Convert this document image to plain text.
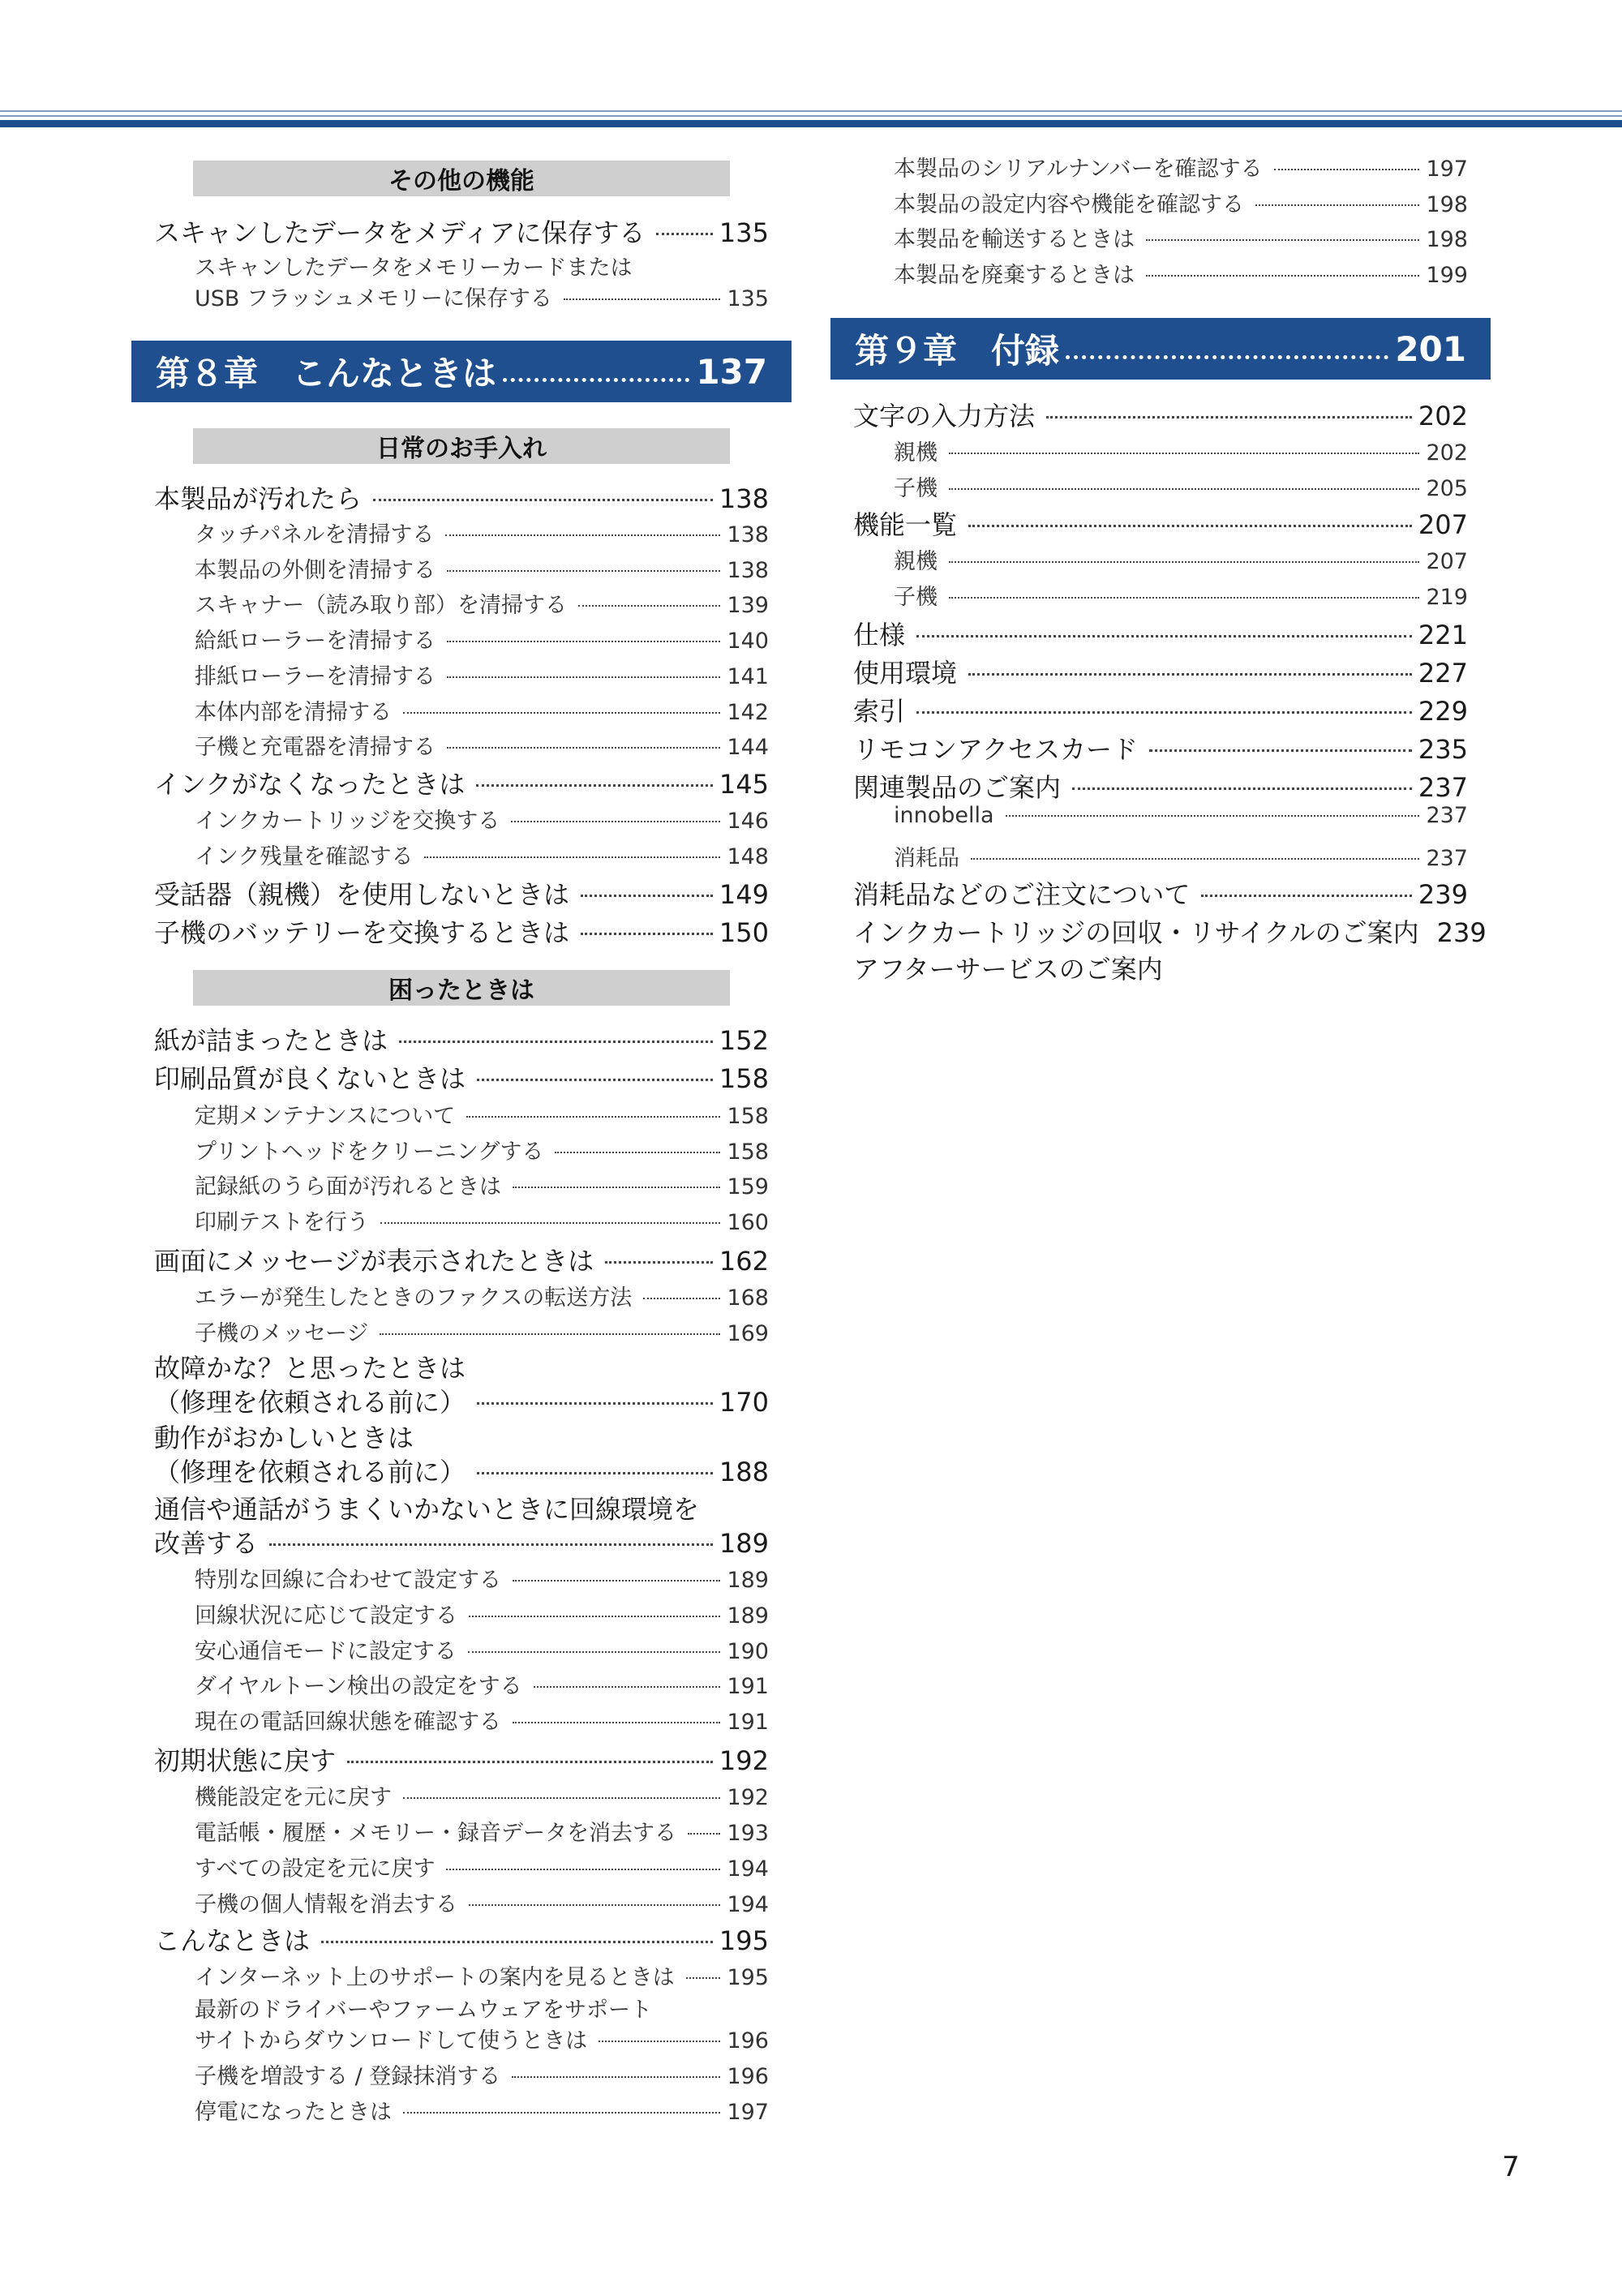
その他の機能
スキャンしたデータをメディアに保存する	135
スキャンしたデータをメモリーカードまたは
USB フラッシュメモリーに保存する	135
第８章　こんなときは	137
日常のお手入れ
本製品が汚れたら	138
タッチパネルを清掃する	138
本製品の外側を清掃する	138
スキャナー（読み取り部）を清掃する	139
給紙ローラーを清掃する	140
排紙ローラーを清掃する	141
本体内部を清掃する	142
子機と充電器を清掃する	144
インクがなくなったときは	145
インクカートリッジを交換する	146
インク残量を確認する	148
受話器（親機）を使用しないときは	149
子機のバッテリーを交換するときは	150
困ったときは
紙が詰まったときは	152
印刷品質が良くないときは	158
定期メンテナンスについて	158
プリントヘッドをクリーニングする	158
記録紙のうら面が汚れるときは	159
印刷テストを行う	160
画面にメッセージが表示されたときは	162
エラーが発生したときのファクスの転送方法	168
子機のメッセージ	169
故障かな？と思ったときは
（修理を依頼される前に）	170
動作がおかしいときは
（修理を依頼される前に）	188
通信や通話がうまくいかないときに回線環境を
改善する	189
特別な回線に合わせて設定する	189
回線状況に応じて設定する	189
安心通信モードに設定する	190
ダイヤルトーン検出の設定をする	191
現在の電話回線状態を確認する	191
初期状態に戻す	192
機能設定を元に戻す	192
電話帳・履歴・メモリー・録音データを消去する	193
すべての設定を元に戻す	194
子機の個人情報を消去する	194
こんなときは	195
インターネット上のサポートの案内を見るときは	195
最新のドライバーやファームウェアをサポート
サイトからダウンロードして使うときは	196
子機を増設する / 登録抹消する	196
停電になったときは	197
本製品のシリアルナンバーを確認する	197
本製品の設定内容や機能を確認する	198
本製品を輸送するときは	198
本製品を廃棄するときは	199
第９章　付録	201
文字の入力方法	202
親機	202
子機	205
機能一覧	207
親機	207
子機	219
仕様	221
使用環境	227
索引	229
リモコンアクセスカード	235
関連製品のご案内	237
innobella	237
消耗品	237
消耗品などのご注文について	239
インクカートリッジの回収・リサイクルのご案内 239
アフターサービスのご案内
7
